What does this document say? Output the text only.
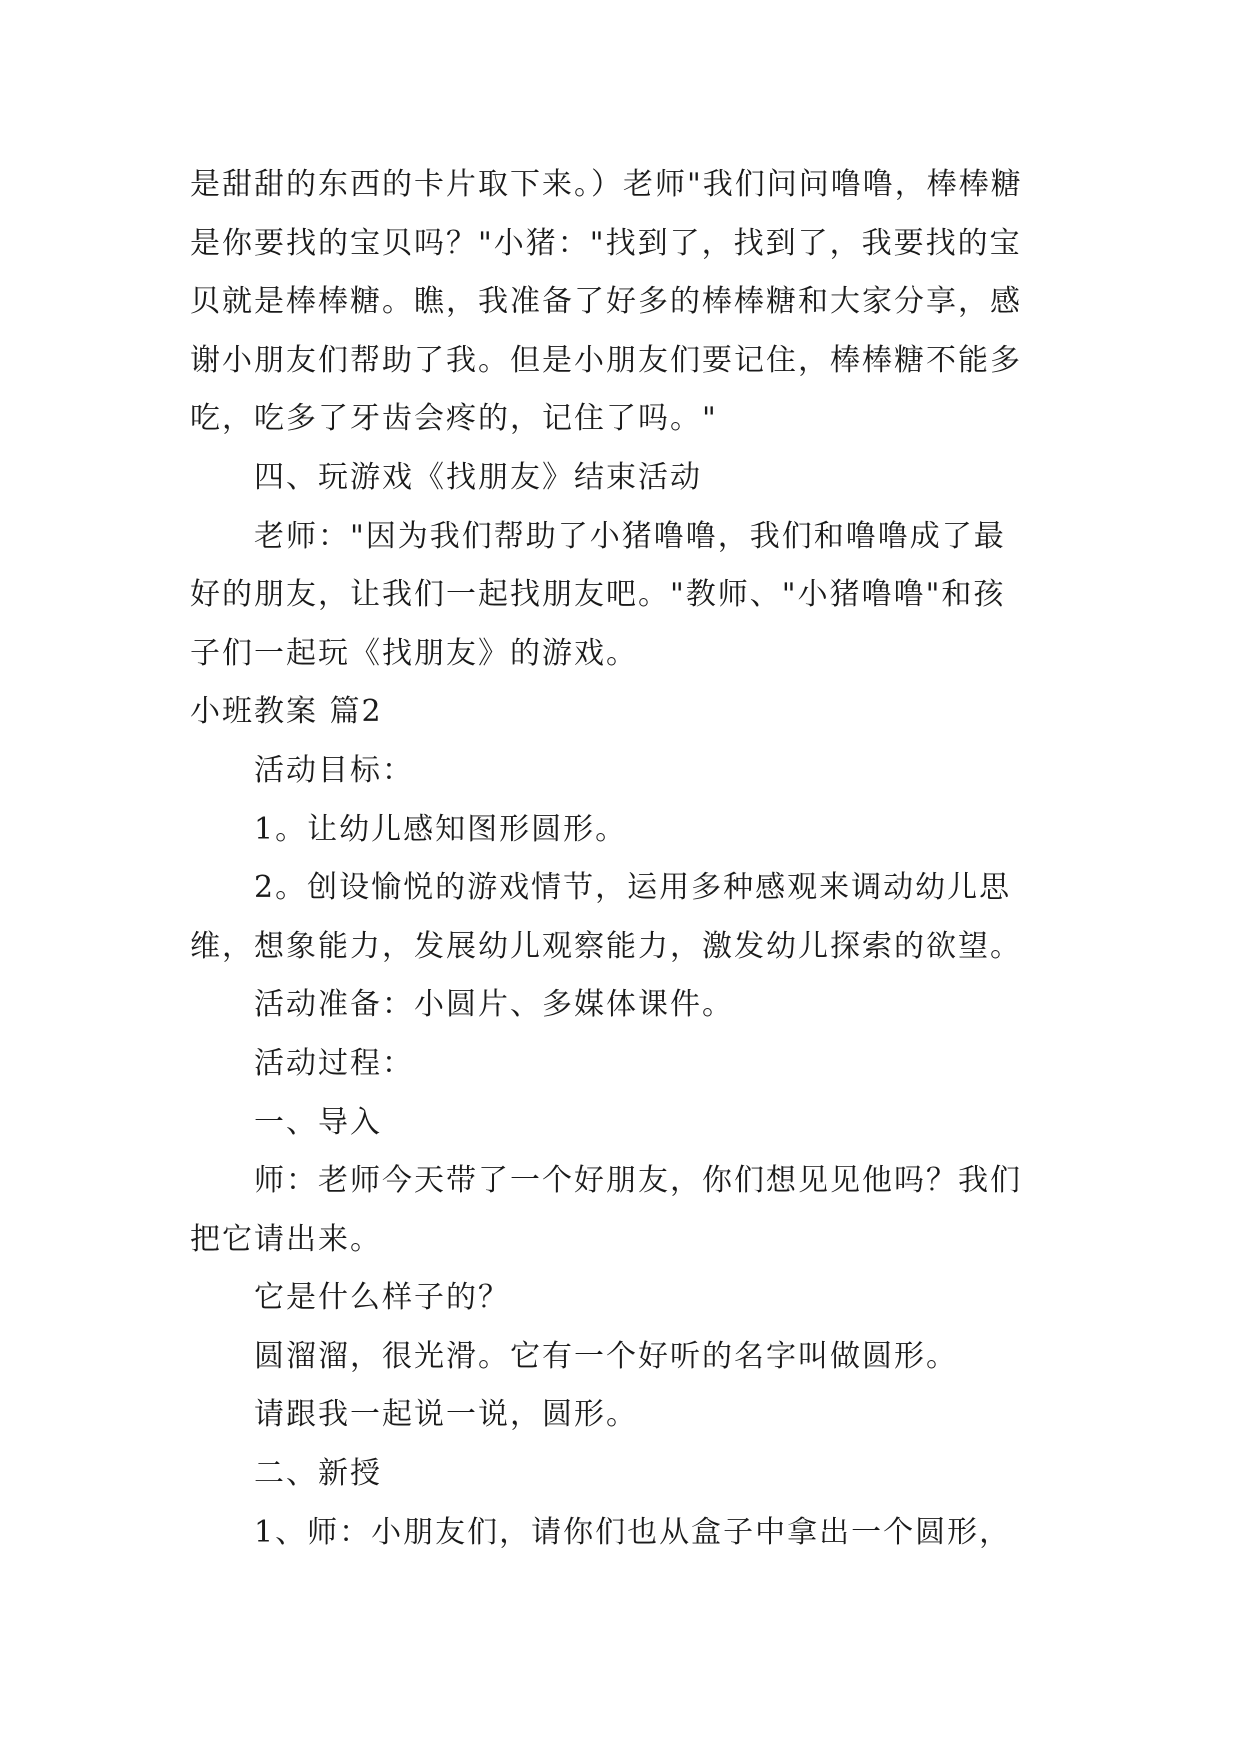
是甜甜的东西的卡片取下来。）老师"我们问问噜噜，棒棒糖
是你要找的宝贝吗？"小猪："找到了，找到了，我要找的宝
贝就是棒棒糖。瞧，我准备了好多的棒棒糖和大家分享，感
谢小朋友们帮助了我。但是小朋友们要记住，棒棒糖不能多
吃，吃多了牙齿会疼的，记住了吗。"
四、玩游戏《找朋友》结束活动
老师："因为我们帮助了小猪噜噜，我们和噜噜成了最
好的朋友，让我们一起找朋友吧。"教师、"小猪噜噜"和孩
子们一起玩《找朋友》的游戏。
小班教案 篇2
活动目标：
1。让幼儿感知图形圆形。
2。创设愉悦的游戏情节，运用多种感观来调动幼儿思
维，想象能力，发展幼儿观察能力，激发幼儿探索的欲望。
活动准备：小圆片、多媒体课件。
活动过程：
一、导入
师：老师今天带了一个好朋友，你们想见见他吗？我们
把它请出来。
它是什么样子的？
圆溜溜，很光滑。它有一个好听的名字叫做圆形。
请跟我一起说一说，圆形。
二、新授
1、师：小朋友们，请你们也从盒子中拿出一个圆形，
